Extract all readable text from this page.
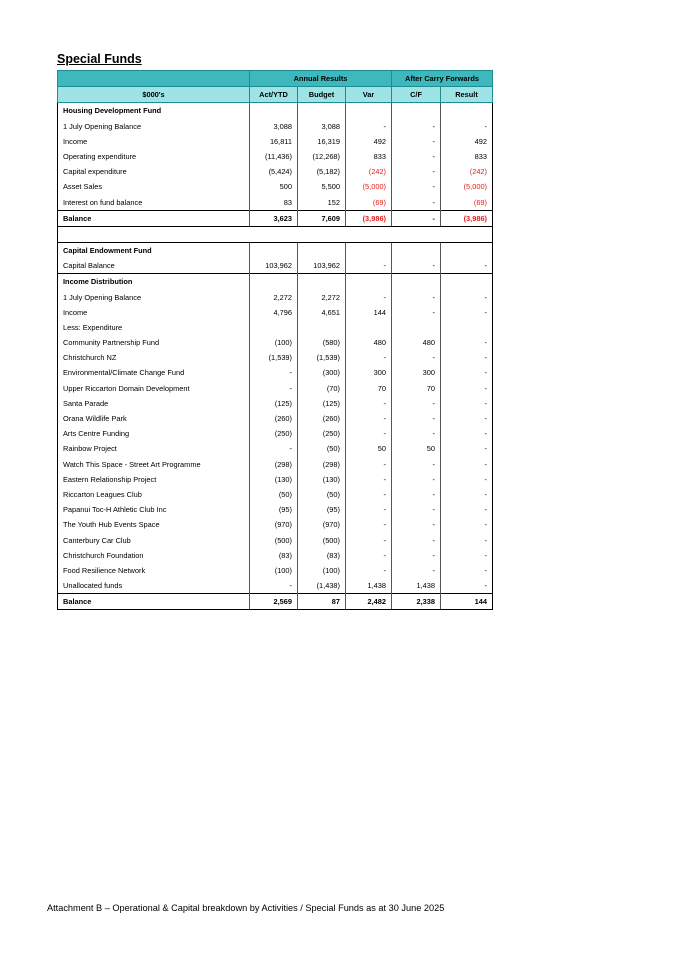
Special Funds
	Annual Results			After Carry Forwards	
$000's	Act/YTD	Budget	Var	C/F	Result
Housing Development Fund					
1 July Opening Balance	3,088	3,088	-	-	-
Income	16,811	16,319	492	-	492
Operating expenditure	(11,436)	(12,268)	833	-	833
Capital expenditure	(5,424)	(5,182)	(242)	-	(242)
Asset Sales	500	5,500	(5,000)	-	(5,000)
Interest on fund balance	83	152	(69)	-	(69)
Balance	3,623	7,609	(3,986)	-	(3,986)

Capital Endowment Fund					
Capital Balance	103,962	103,962	-	-	-
Income Distribution					
1 July Opening Balance	2,272	2,272	-	-	-
Income	4,796	4,651	144	-	-
Less: Expenditure					
Community Partnership Fund	(100)	(580)	480	480	-
Christchurch NZ	(1,539)	(1,539)	-	-	-
Environmental/Climate Change Fund	-	(300)	300	300	-
Upper Riccarton Domain Development	-	(70)	70	70	-
Santa Parade	(125)	(125)	-	-	-
Orana Wildlife Park	(260)	(260)	-	-	-
Arts Centre Funding	(250)	(250)	-	-	-
Rainbow Project	-	(50)	50	50	-
Watch This Space - Street Art Programme	(298)	(298)	-	-	-
Eastern Relationship Project	(130)	(130)	-	-	-
Riccarton Leagues Club	(50)	(50)	-	-	-
Papanui Toc-H Athletic Club Inc	(95)	(95)	-	-	-
The Youth Hub Events Space	(970)	(970)	-	-	-
Canterbury Car Club	(500)	(500)	-	-	-
Christchurch Foundation	(83)	(83)	-	-	-
Food Resilience Network	(100)	(100)	-	-	-
Unallocated funds	-	(1,438)	1,438	1,438	-
Balance	2,569	87	2,482	2,338	144
Attachment B – Operational & Capital breakdown by Activities / Special Funds as at 30 June 2025
